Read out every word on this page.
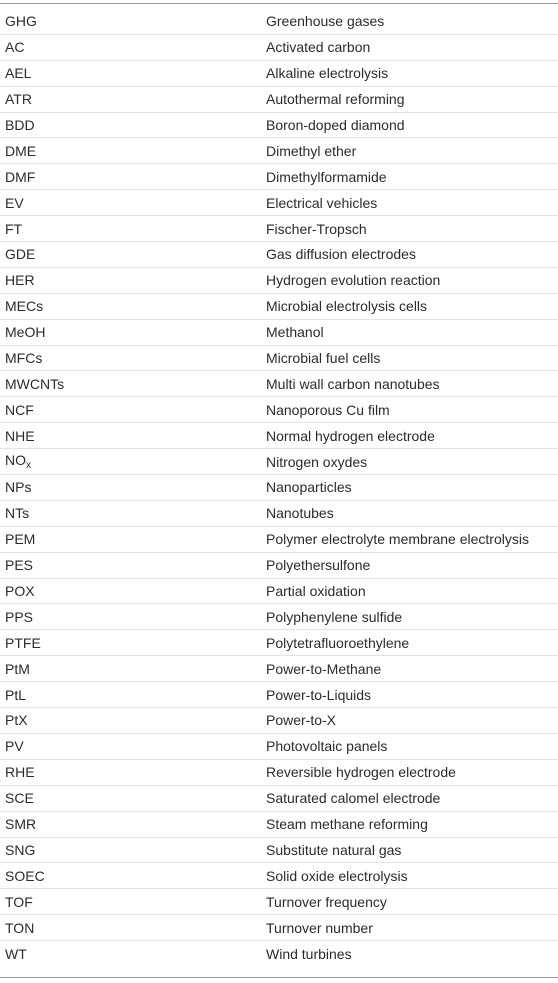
GHG	Greenhouse gases
AC	Activated carbon
AEL	Alkaline electrolysis
ATR	Autothermal reforming
BDD	Boron-doped diamond
DME	Dimethyl ether
DMF	Dimethylformamide
EV	Electrical vehicles
FT	Fischer-Tropsch
GDE	Gas diffusion electrodes
HER	Hydrogen evolution reaction
MECs	Microbial electrolysis cells
MeOH	Methanol
MFCs	Microbial fuel cells
MWCNTs	Multi wall carbon nanotubes
NCF	Nanoporous Cu film
NHE	Normal hydrogen electrode
$NO_x$	Nitrogen oxydes
NPs	Nanoparticles
NTs	Nanotubes
PEM	Polymer electrolyte membrane electrolysis
PES	Polyethersulfone
POX	Partial oxidation
PPS	Polyphenylene sulfide
PTFE	Polytetrafluoroethylene
PtM	Power-to-Methane
PtL	Power-to-Liquids
PtX	Power-to-X
PV	Photovoltaic panels
RHE	Reversible hydrogen electrode
SCE	Saturated calomel electrode
SMR	Steam methane reforming
SNG	Substitute natural gas
SOEC	Solid oxide electrolysis
TOF	Turnover frequency
TON	Turnover number
WT	Wind turbines
